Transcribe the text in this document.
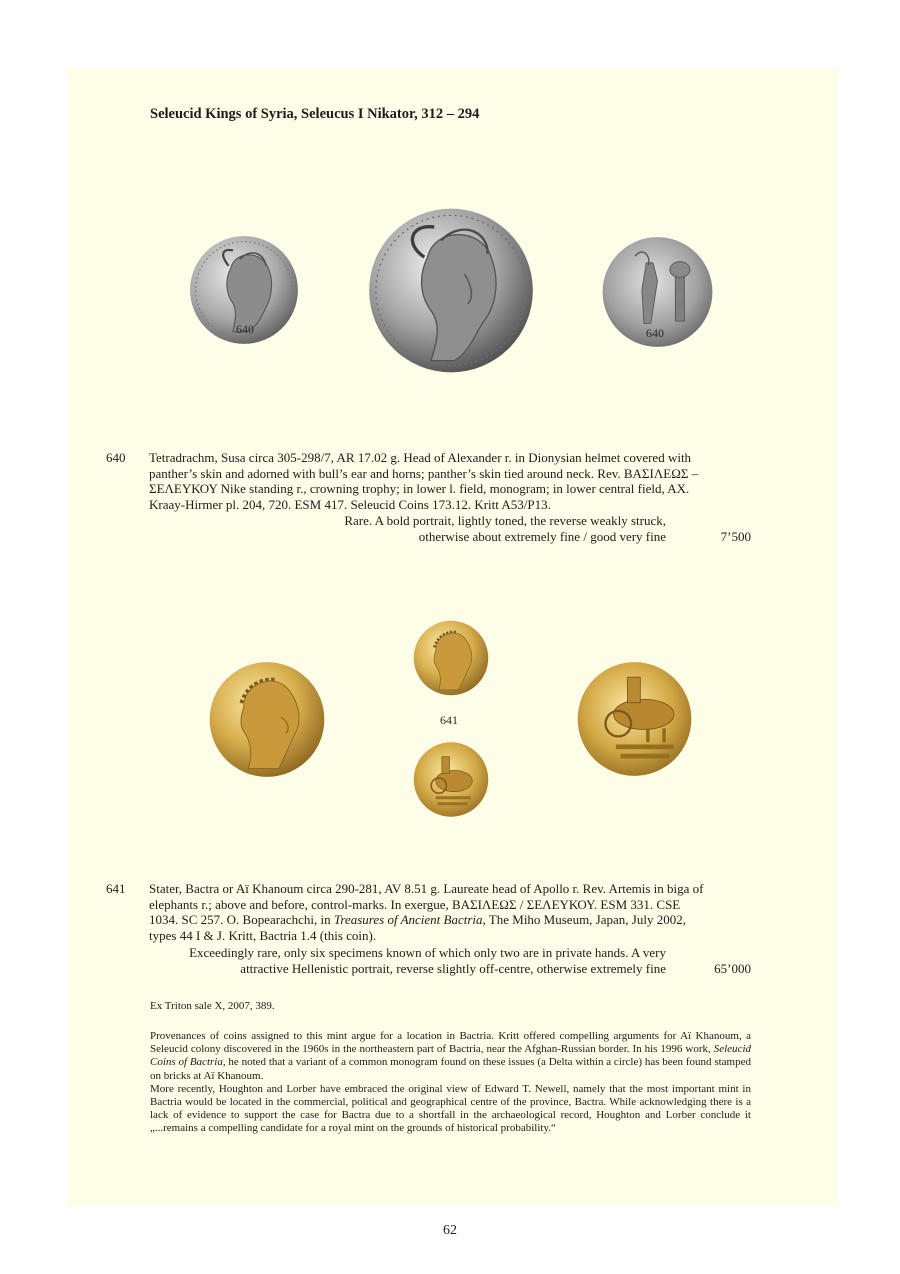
Seleucid Kings of Syria, Seleucus I Nikator, 312 – 294
640	640
640 Tetradrachm, Susa circa 305-298/7, AR 17.02 g. Head of Alexander r. in Dionysian helmet covered with
panther’s skin and adorned with bull’s ear and horns; panther’s skin tied around neck. Rev. ΒΑΣΙΛΕΩΣ –
ΣΕΛΕΥΚΟΥ Nike standing r., crowning trophy; in lower l. field, monogram; in lower central field, AX.
Kraay-Hirmer pl. 204, 720. ESM 417. Seleucid Coins 173.12. Kritt A53/P13.
Rare. A bold portrait, lightly toned, the reverse weakly struck,
otherwise about extremely fine / good very fine	7’500
641
641 Stater, Bactra or Aï Khanoum circa 290-281, AV 8.51 g. Laureate head of Apollo r. Rev. Artemis in biga of
elephants r.; above and before, control-marks. In exergue, ΒΑΣΙΛΕΩΣ / ΣΕΛΕΥΚΟΥ. ESM 331. CSE
1034. SC 257. O. Bopearachchi, in Treasures of Ancient Bactria, The Miho Museum, Japan, July 2002,
types 44 I & J. Kritt, Bactria 1.4 (this coin).
Exceedingly rare, only six specimens known of which only two are in private hands. A very
attractive Hellenistic portrait, reverse slightly off-centre, otherwise extremely fine	65’000
Ex Triton sale X, 2007, 389.
Provenances of coins assigned to this mint argue for a location in Bactria. Kritt offered compelling arguments for Aï Khanoum, a Seleucid colony discovered in the 1960s in the northeastern part of Bactria, near the Afghan-Russian border. In his 1996 work, Seleucid Coins of Bactria, he noted that a variant of a common monogram found on these issues (a Delta within a circle) has been found stamped on bricks at Aï Khanoum.
More recently, Houghton and Lorber have embraced the original view of Edward T. Newell, namely that the most important mint in Bactria would be located in the commercial, political and geographical centre of the province, Bactra. While acknowledging there is a lack of evidence to support the case for Bactra due to a shortfall in the archaeological record, Houghton and Lorber conclude it „...remains a compelling candidate for a royal mint on the grounds of historical probability.“
62
